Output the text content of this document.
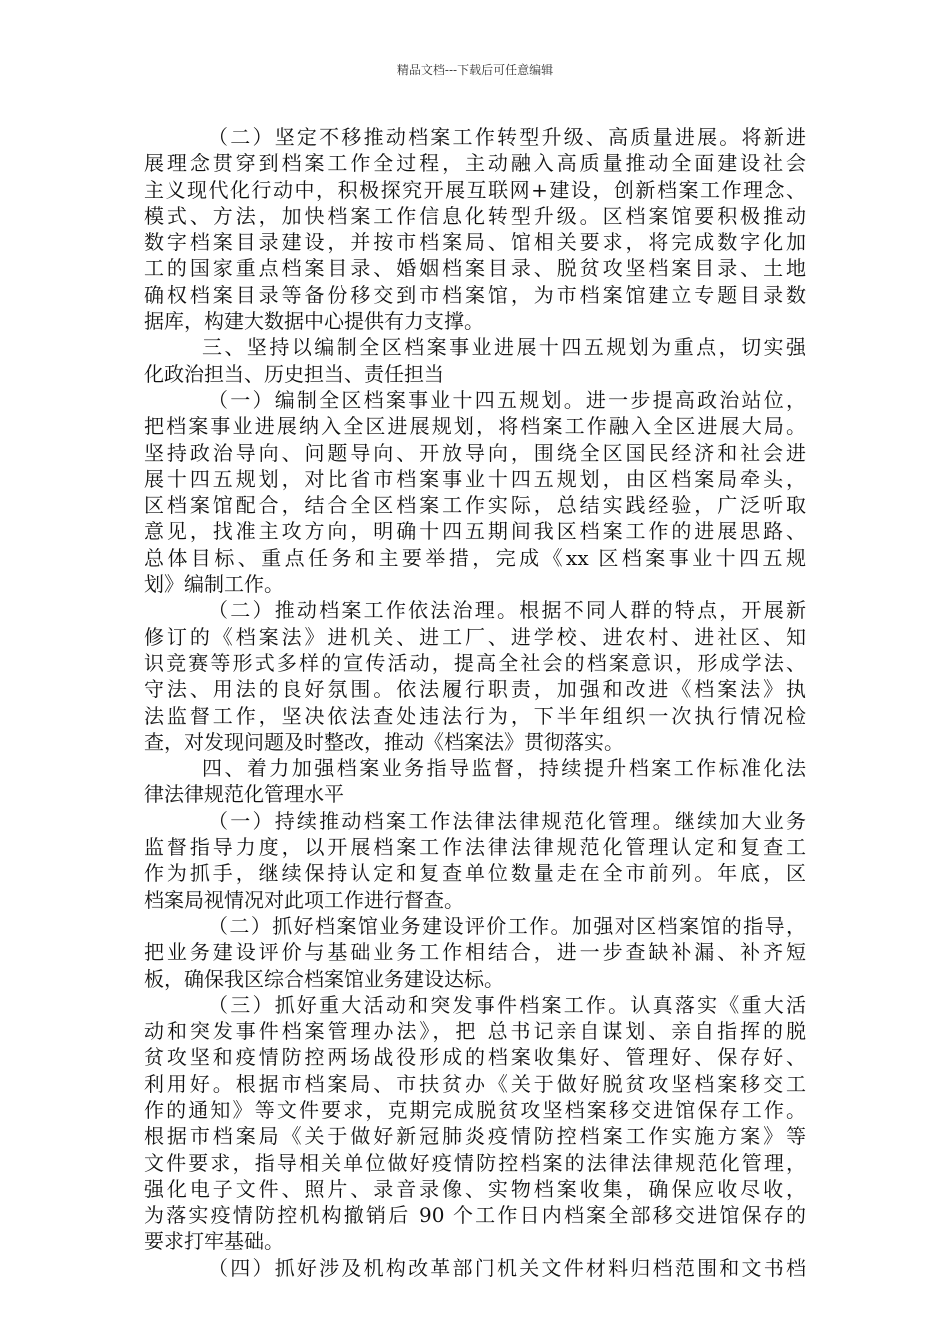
精品文档---下载后可任意编辑
（二）坚定不移推动档案工作转型升级、高质量进展。将新进
展理念贯穿到档案工作全过程，主动融入高质量推动全面建设社会
主义现代化行动中，积极探究开展互联网+建设，创新档案工作理念、
模式、方法，加快档案工作信息化转型升级。区档案馆要积极推动
数字档案目录建设，并按市档案局、馆相关要求，将完成数字化加
工的国家重点档案目录、婚姻档案目录、脱贫攻坚档案目录、土地
确权档案目录等备份移交到市档案馆，为市档案馆建立专题目录数
据库，构建大数据中心提供有力支撑。
三、坚持以编制全区档案事业进展十四五规划为重点，切实强
化政治担当、历史担当、责任担当
（一）编制全区档案事业十四五规划。进一步提高政治站位，
把档案事业进展纳入全区进展规划，将档案工作融入全区进展大局。
坚持政治导向、问题导向、开放导向，围绕全区国民经济和社会进
展十四五规划，对比省市档案事业十四五规划，由区档案局牵头，
区档案馆配合，结合全区档案工作实际，总结实践经验，广泛听取
意见，找准主攻方向，明确十四五期间我区档案工作的进展思路、
总体目标、重点任务和主要举措，完成《xx 区档案事业十四五规
划》编制工作。
（二）推动档案工作依法治理。根据不同人群的特点，开展新
修订的《档案法》进机关、进工厂、进学校、进农村、进社区、知
识竞赛等形式多样的宣传活动，提高全社会的档案意识，形成学法、
守法、用法的良好氛围。依法履行职责，加强和改进《档案法》执
法监督工作，坚决依法查处违法行为，下半年组织一次执行情况检
查，对发现问题及时整改，推动《档案法》贯彻落实。
四、着力加强档案业务指导监督，持续提升档案工作标准化法
律法律规范化管理水平
（一）持续推动档案工作法律法律规范化管理。继续加大业务
监督指导力度，以开展档案工作法律法律规范化管理认定和复查工
作为抓手，继续保持认定和复查单位数量走在全市前列。年底，区
档案局视情况对此项工作进行督查。
（二）抓好档案馆业务建设评价工作。加强对区档案馆的指导，
把业务建设评价与基础业务工作相结合，进一步查缺补漏、补齐短
板，确保我区综合档案馆业务建设达标。
（三）抓好重大活动和突发事件档案工作。认真落实《重大活
动和突发事件档案管理办法》，把 总书记亲自谋划、亲自指挥的脱
贫攻坚和疫情防控两场战役形成的档案收集好、管理好、保存好、
利用好。根据市档案局、市扶贫办《关于做好脱贫攻坚档案移交工
作的通知》等文件要求，克期完成脱贫攻坚档案移交进馆保存工作。
根据市档案局《关于做好新冠肺炎疫情防控档案工作实施方案》等
文件要求，指导相关单位做好疫情防控档案的法律法律规范化管理，
强化电子文件、照片、录音录像、实物档案收集，确保应收尽收，
为落实疫情防控机构撤销后 90 个工作日内档案全部移交进馆保存的
要求打牢基础。
（四）抓好涉及机构改革部门机关文件材料归档范围和文书档
